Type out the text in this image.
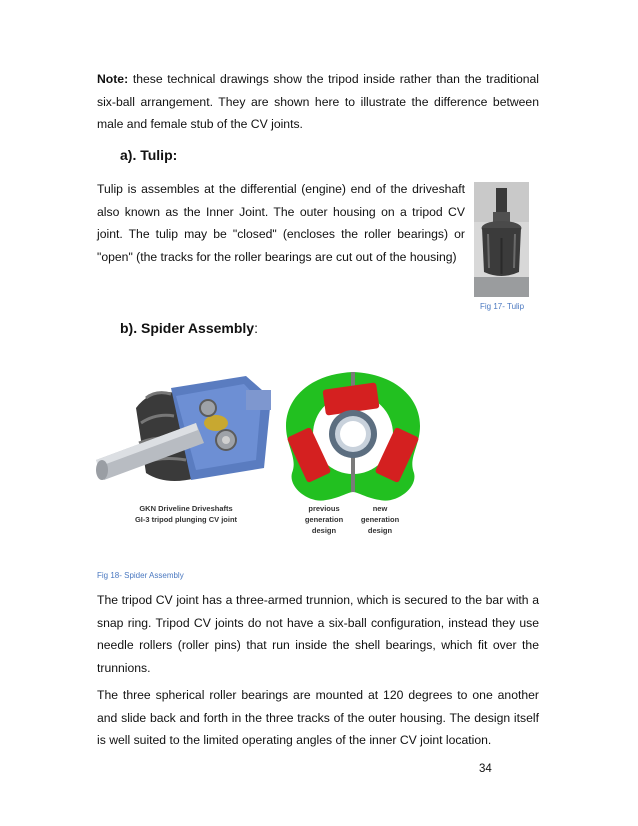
Note: these technical drawings show the tripod inside rather than the traditional six-ball arrangement. They are shown here to illustrate the difference between male and female stub of the CV joints.

a). Tulip:

Tulip is assembles at the differential (engine) end of the driveshaft also known as the Inner Joint. The outer housing on a tripod CV joint. The tulip may be "closed" (encloses the roller bearings) or "open" (the tracks for the roller bearings are cut out of the housing)

Fig 17- Tulip
b). Spider Assembly:
GKN Driveline Driveshafts
GI-3 tripod plunging CV joint
previous
generation
design
new
generation
design
Fig 18- Spider Assembly

The tripod CV joint has a three-armed trunnion, which is secured to the bar with a snap ring. Tripod CV joints do not have a six-ball configuration, instead they use needle rollers (roller pins) that run inside the shell bearings, which fit over the trunnions.

The three spherical roller bearings are mounted at 120 degrees to one another and slide back and forth in the three tracks of the outer housing. The design itself is well suited to the limited operating angles of the inner CV joint location.

34
